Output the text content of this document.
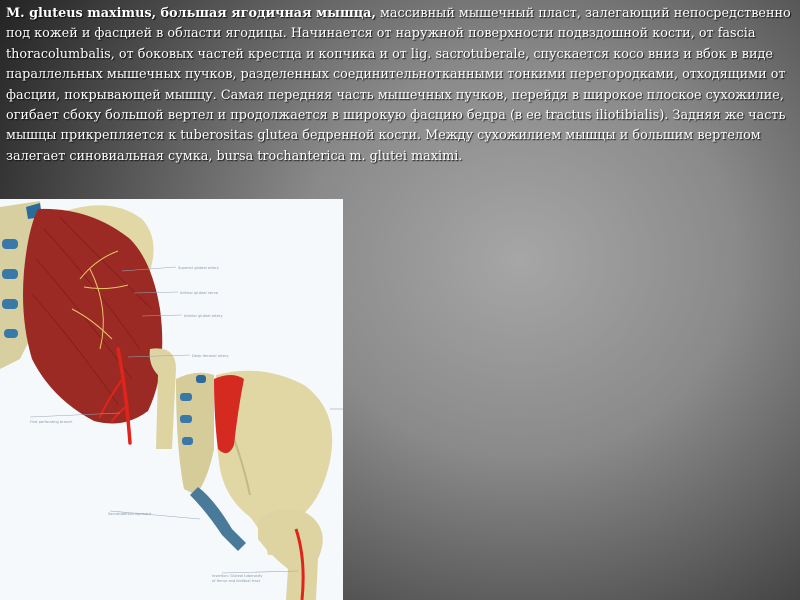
M. gluteus maximus, большая ягодичная мышца, массивный мышечный пласт, залегающий непосредственно под кожей и фасцией в области ягодицы. Начинается от наружной поверхности подвздошной кости, от fascia thoracolumbalis, от боковых частей крестца и копчика и от lig. sacrotuberale, спускается косо вниз и вбок в виде параллельных мышечных пучков, разделенных соединительнотканными тонкими перегородками, отходящими от фасции, покрывающей мышцу. Самая передняя часть мышечных пучков, перейдя в широкое плоское сухожилие, огибает сбоку большой вертел и продолжается в широкую фасцию бедра (в ее tractus iliotibialis). Задняя же часть мышцы прикрепляется к tuberositas glutea бедренной кости. Между сухожилием мышцы и большим вертелом залегает синовиальная сумка, bursa trochanterica m. glutei maximi.

Superior gluteal artery
Inferior gluteal nerve
Inferior gluteal artery
Deep femoral artery
First perforating branch
Sacrotuberous ligament
Insertion: Gluteal tuberosity
of femur and iliotibial tract
